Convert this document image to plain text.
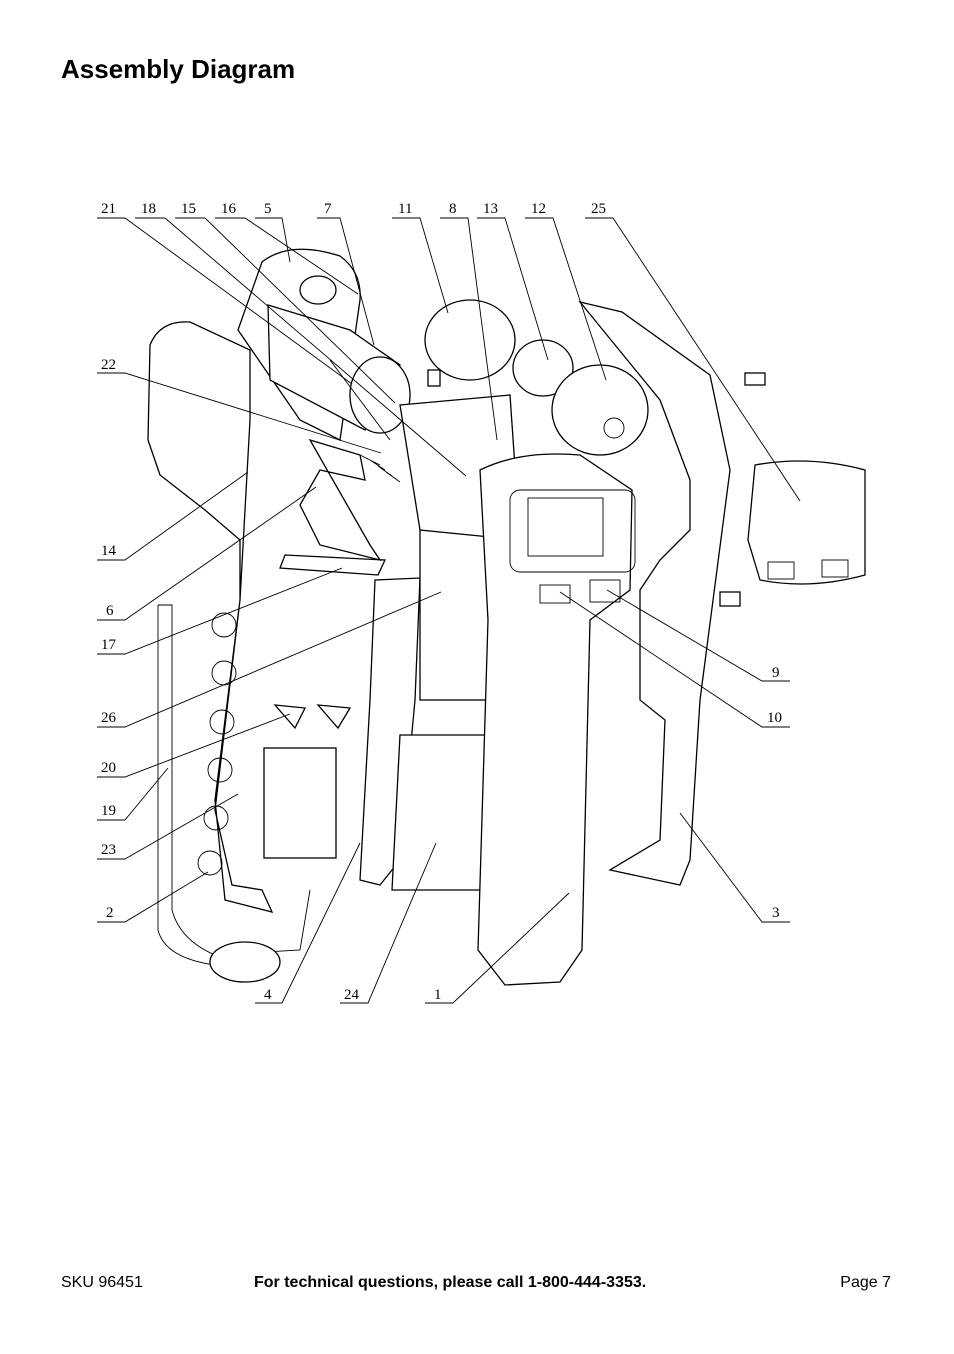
Assembly Diagram
21 18 15 16 5	7	11 8 13 12	25
22
14
6
17
26
20
19
23
2
4	24	1
9
10
3
SKU 96451	For technical questions, please call 1-800-444-3353.	Page 7
